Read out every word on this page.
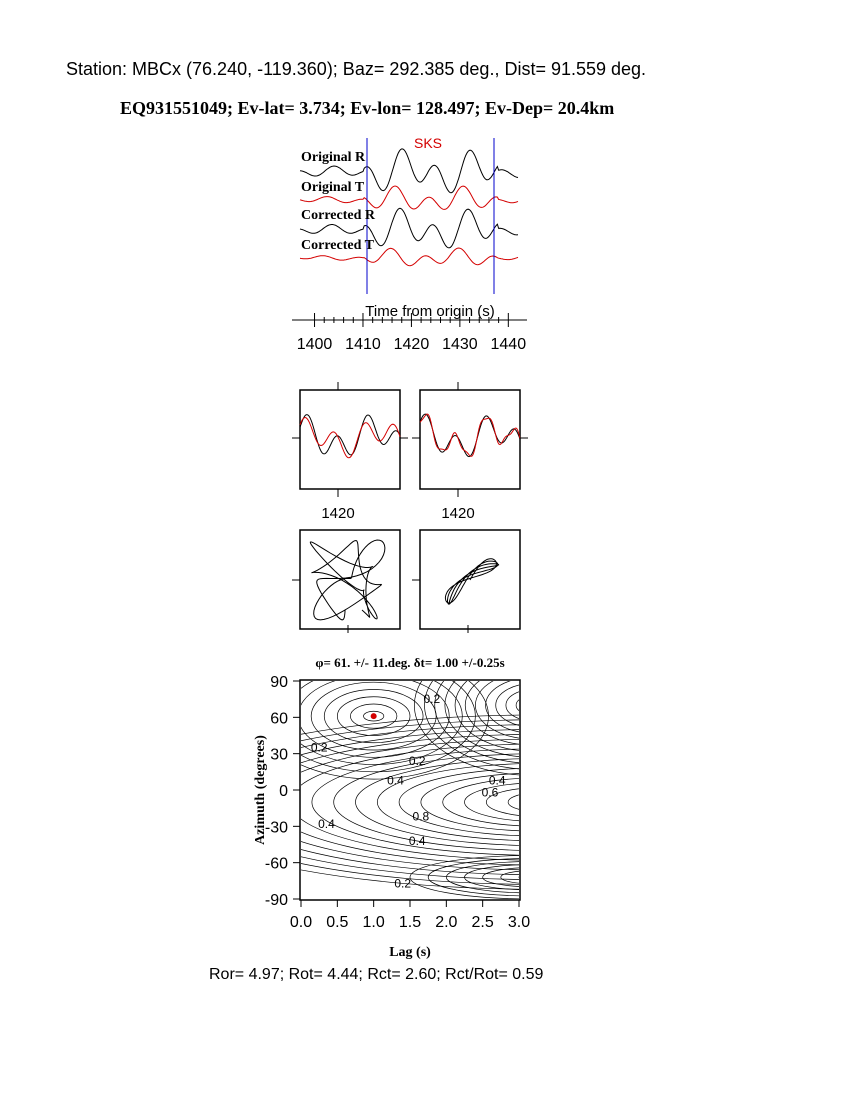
Station: MBCx (76.240, -119.360); Baz= 292.385 deg., Dist= 91.559 deg.
EQ931551049; Ev-lat= 3.734; Ev-lon= 128.497; Ev-Dep= 20.4km
SKS
Original R
Original T
Corrected R
Corrected T
1400 1410 1420 1430 1440
Time from origin (s)
1420	1420
φ= 61. +/- 11.deg. δt= 1.00 +/-0.25s
0.0 0.5 1.0 1.5 2.0 2.5 3.0
90
60
30
0
-30
-60
-90
0.2
0.2
0.2
0.4	0.4
0.6
0.8
0.4
0.4
0.2
Lag (s)
Azimuth (degrees)
Ror= 4.97; Rot= 4.44; Rct= 2.60; Rct/Rot= 0.59
